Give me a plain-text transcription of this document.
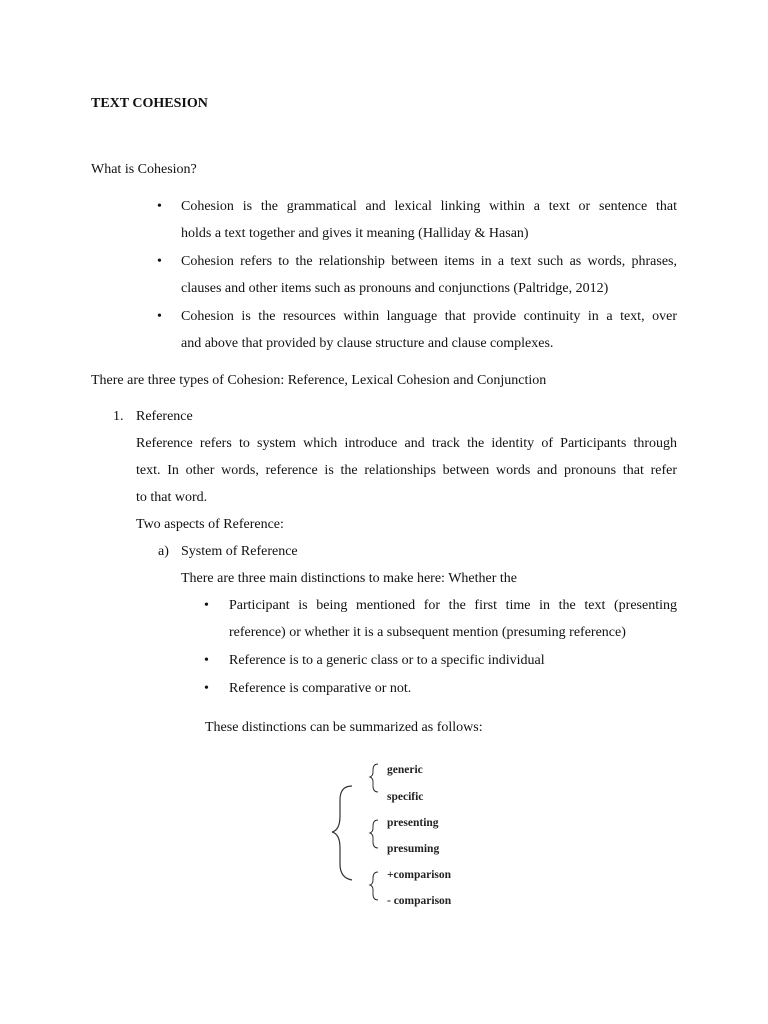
TEXT COHESION
What is Cohesion?
• Cohesion is the grammatical and lexical linking within a text or sentence that
holds a text together and gives it meaning (Halliday & Hasan)
• Cohesion refers to the relationship between items in a text such as words, phrases,
clauses and other items such as pronouns and conjunctions (Paltridge, 2012)
• Cohesion is the resources within language that provide continuity in a text, over
and above that provided by clause structure and clause complexes.
There are three types of Cohesion: Reference, Lexical Cohesion and Conjunction
1. Reference
Reference refers to system which introduce and track the identity of Participants through
text. In other words, reference is the relationships between words and pronouns that refer
to that word.
Two aspects of Reference:
a) System of Reference
There are three main distinctions to make here: Whether the
• Participant is being mentioned for the first time in the text (presenting
reference) or whether it is a subsequent mention (presuming reference)
• Reference is to a generic class or to a specific individual
• Reference is comparative or not.
These distinctions can be summarized as follows:
generic
specific
presenting
presuming
+comparison
- comparison
